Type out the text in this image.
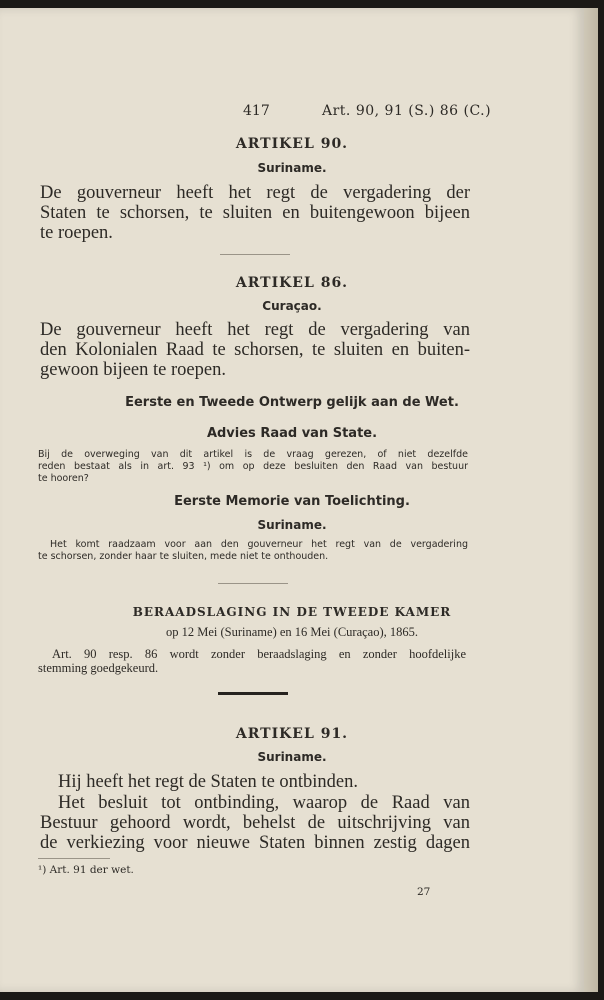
417	Art. 90, 91 (S.) 86 (C.)
ARTIKEL 90.
Suriname.
De gouverneur heeft het regt de vergadering der
Staten te schorsen, te sluiten en buitengewoon bijeen
te roepen.
ARTIKEL 86.
Curaçao.
De gouverneur heeft het regt de vergadering van
den Kolonialen Raad te schorsen, te sluiten en buiten-
gewoon bijeen te roepen.
Eerste en Tweede Ontwerp gelijk aan de Wet.
Advies Raad van State.
Bij de overweging van dit artikel is de vraag gerezen, of niet dezelfde
reden bestaat als in art. 93 ¹) om op deze besluiten den Raad van bestuur
te hooren?
Eerste Memorie van Toelichting.
Suriname.
Het komt raadzaam voor aan den gouverneur het regt van de vergadering
te schorsen, zonder haar te sluiten, mede niet te onthouden.
BERAADSLAGING IN DE TWEEDE KAMER
op 12 Mei (Suriname) en 16 Mei (Curaçao), 1865.
Art. 90 resp. 86 wordt zonder beraadslaging en zonder hoofdelijke
stemming goedgekeurd.
ARTIKEL 91.
Suriname.
Hij heeft het regt de Staten te ontbinden.
Het besluit tot ontbinding, waarop de Raad van
Bestuur gehoord wordt, behelst de uitschrijving van
de verkiezing voor nieuwe Staten binnen zestig dagen
¹) Art. 91 der wet.
27
